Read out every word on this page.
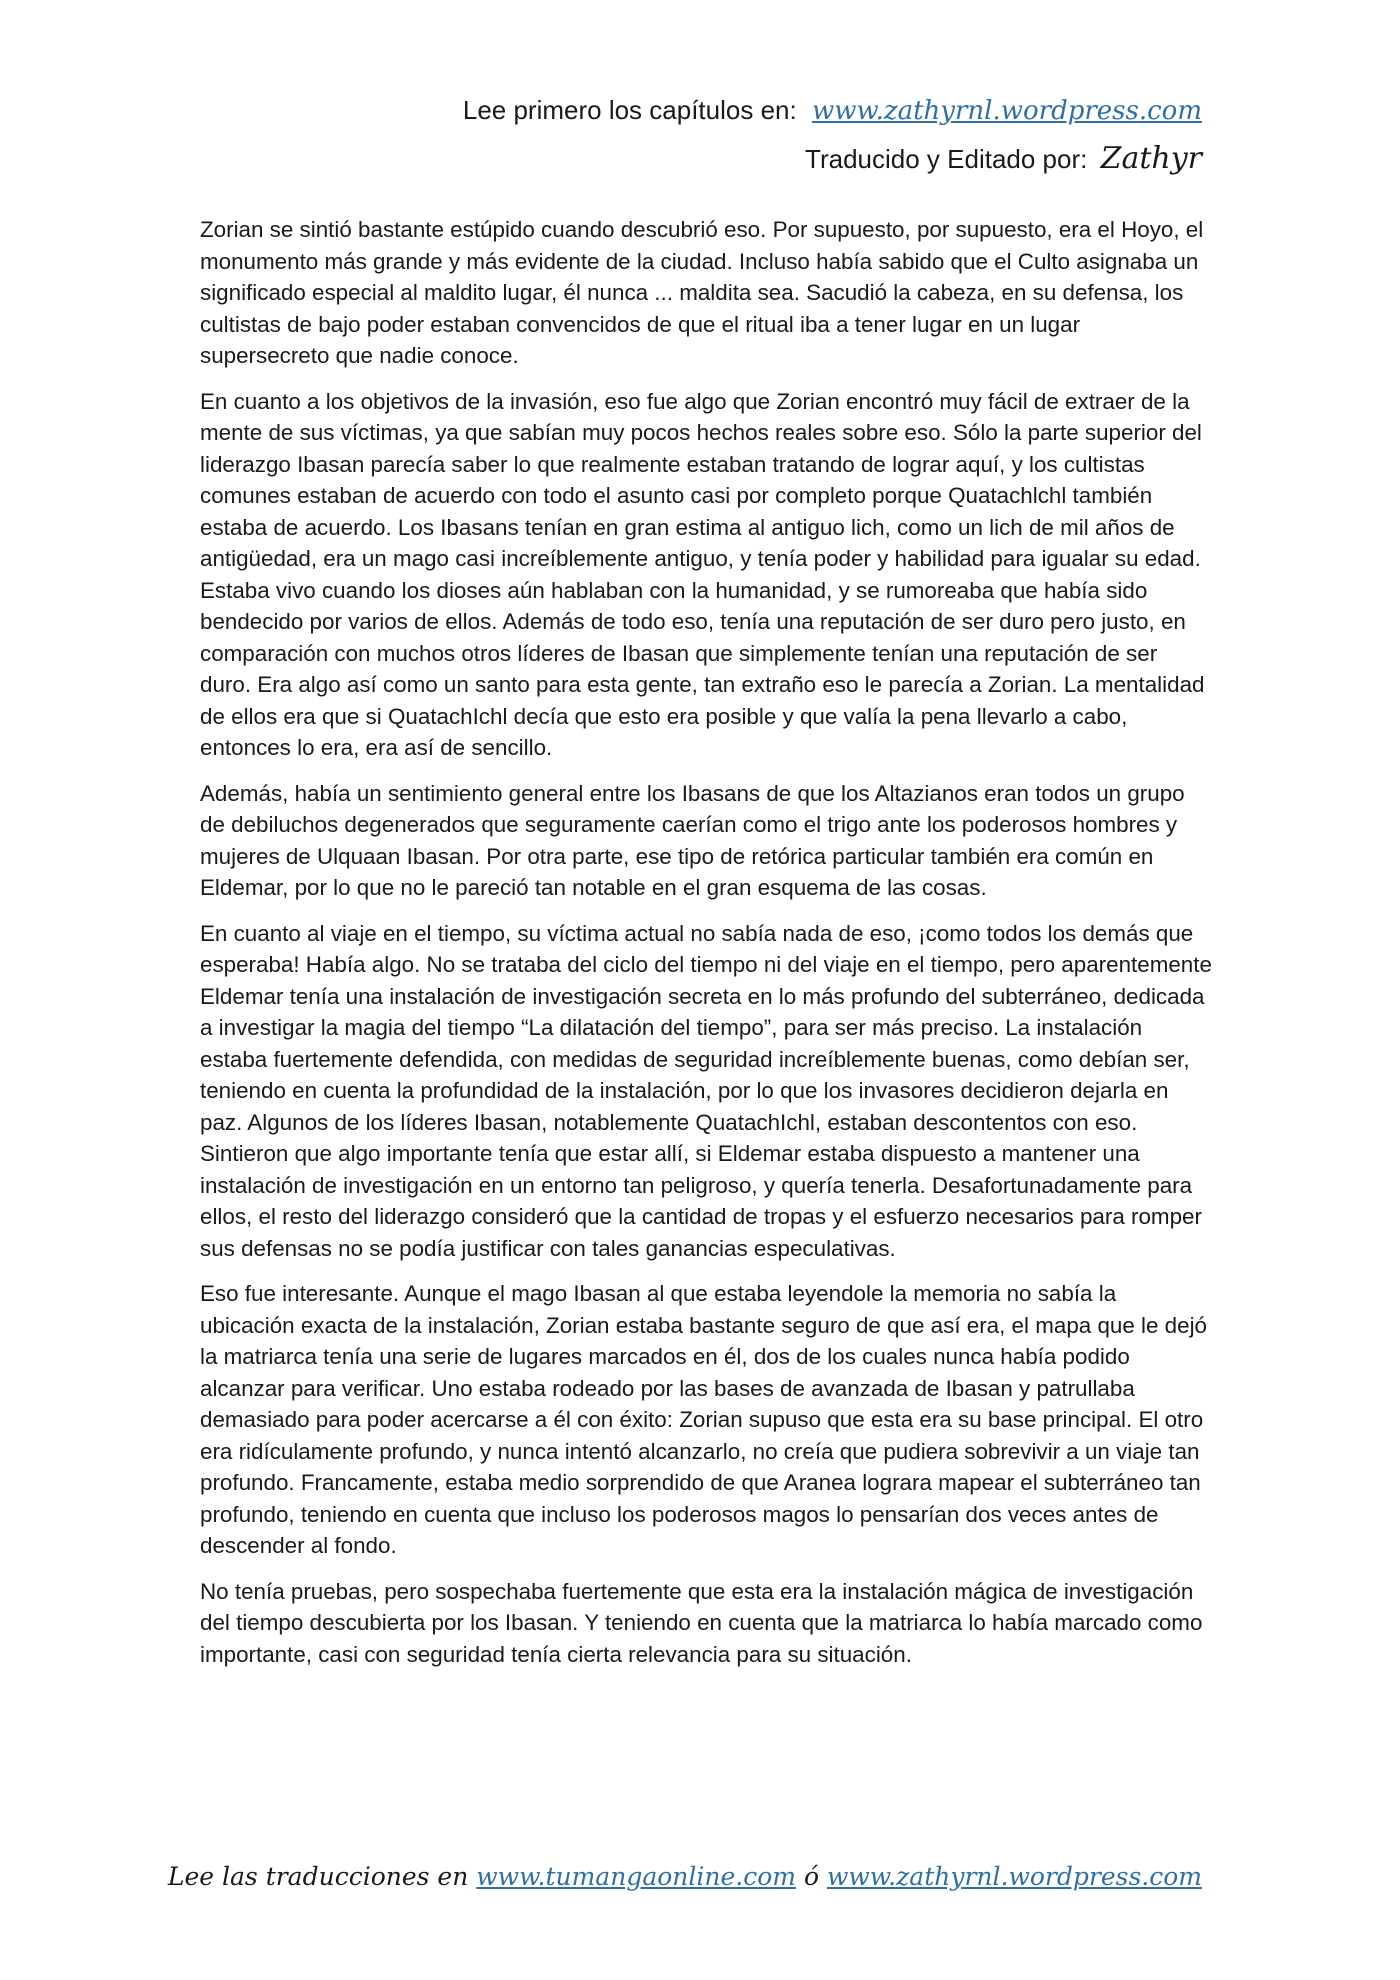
Lee primero los capítulos en: www.zathyrnl.wordpress.com
Traducido y Editado por: Zathyr

Zorian se sintió bastante estúpido cuando descubrió eso. Por supuesto, por supuesto, era el Hoyo, el monumento más grande y más evidente de la ciudad. Incluso había sabido que el Culto asignaba un significado especial al maldito lugar, él nunca ... maldita sea. Sacudió la cabeza, en su defensa, los cultistas de bajo poder estaban convencidos de que el ritual iba a tener lugar en un lugar supersecreto que nadie conoce.

En cuanto a los objetivos de la invasión, eso fue algo que Zorian encontró muy fácil de extraer de la mente de sus víctimas, ya que sabían muy pocos hechos reales sobre eso. Sólo la parte superior del liderazgo Ibasan parecía saber lo que realmente estaban tratando de lograr aquí, y los cultistas comunes estaban de acuerdo con todo el asunto casi por completo porque Quatachlchl también estaba de acuerdo. Los Ibasans tenían en gran estima al antiguo lich, como un lich de mil años de antigüedad, era un mago casi increíblemente antiguo, y tenía poder y habilidad para igualar su edad. Estaba vivo cuando los dioses aún hablaban con la humanidad, y se rumoreaba que había sido bendecido por varios de ellos. Además de todo eso, tenía una reputación de ser duro pero justo, en comparación con muchos otros líderes de Ibasan que simplemente tenían una reputación de ser duro. Era algo así como un santo para esta gente, tan extraño eso le parecía a Zorian. La mentalidad de ellos era que si QuatachIchl decía que esto era posible y que valía la pena llevarlo a cabo, entonces lo era, era así de sencillo.

Además, había un sentimiento general entre los Ibasans de que los Altazianos eran todos un grupo de debiluchos degenerados que seguramente caerían como el trigo ante los poderosos hombres y mujeres de Ulquaan Ibasan. Por otra parte, ese tipo de retórica particular también era común en Eldemar, por lo que no le pareció tan notable en el gran esquema de las cosas.

En cuanto al viaje en el tiempo, su víctima actual no sabía nada de eso, ¡como todos los demás que esperaba! Había algo. No se trataba del ciclo del tiempo ni del viaje en el tiempo, pero aparentemente Eldemar tenía una instalación de investigación secreta en lo más profundo del subterráneo, dedicada a investigar la magia del tiempo “La dilatación del tiempo”, para ser más preciso. La instalación estaba fuertemente defendida, con medidas de seguridad increíblemente buenas, como debían ser, teniendo en cuenta la profundidad de la instalación, por lo que los invasores decidieron dejarla en paz. Algunos de los líderes Ibasan, notablemente QuatachIchl, estaban descontentos con eso. Sintieron que algo importante tenía que estar allí, si Eldemar estaba dispuesto a mantener una instalación de investigación en un entorno tan peligroso, y quería tenerla. Desafortunadamente para ellos, el resto del liderazgo consideró que la cantidad de tropas y el esfuerzo necesarios para romper sus defensas no se podía justificar con tales ganancias especulativas.

Eso fue interesante. Aunque el mago Ibasan al que estaba leyendole la memoria no sabía la ubicación exacta de la instalación, Zorian estaba bastante seguro de que así era, el mapa que le dejó la matriarca tenía una serie de lugares marcados en él, dos de los cuales nunca había podido alcanzar para verificar. Uno estaba rodeado por las bases de avanzada de Ibasan y patrullaba demasiado para poder acercarse a él con éxito: Zorian supuso que esta era su base principal. El otro era ridículamente profundo, y nunca intentó alcanzarlo, no creía que pudiera sobrevivir a un viaje tan profundo. Francamente, estaba medio sorprendido de que Aranea lograra mapear el subterráneo tan profundo, teniendo en cuenta que incluso los poderosos magos lo pensarían dos veces antes de descender al fondo.

No tenía pruebas, pero sospechaba fuertemente que esta era la instalación mágica de investigación del tiempo descubierta por los Ibasan. Y teniendo en cuenta que la matriarca lo había marcado como importante, casi con seguridad tenía cierta relevancia para su situación.

Lee las traducciones en www.tumangaonline.com ó www.zathyrnl.wordpress.com
